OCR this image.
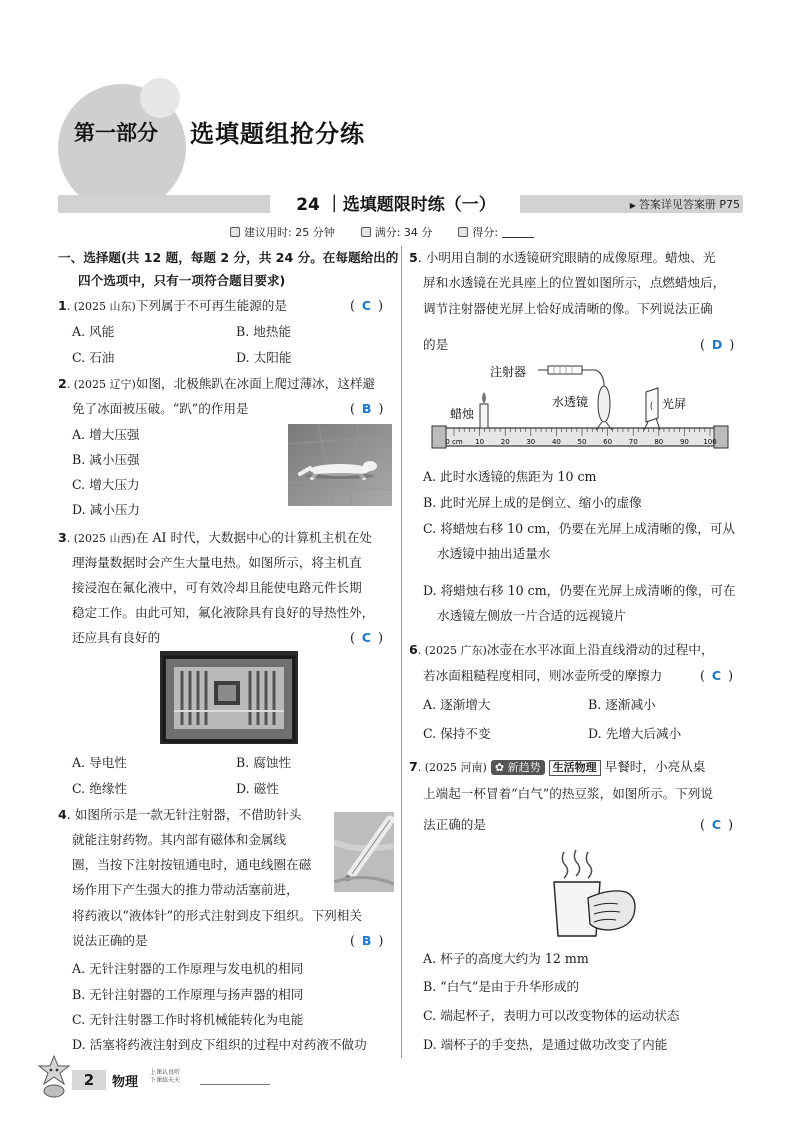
第一部分 选填题组抢分练
24 ｜选填题限时练（一）	▶ 答案详见答案册 P75
建议用时: 25 分钟	满分: 34 分	得分:
一、选择题(共 12 题，每题 2 分，共 24 分。在每题给出的
四个选项中，只有一项符合题目要求)
1. (2025 山东)下列属于不可再生能源的是	( C )
A. 风能	B. 地热能
C. 石油	D. 太阳能
2. (2025 辽宁)如图，北极熊趴在冰面上爬过薄冰，这样避
免了冰面被压破。“趴”的作用是	( B )
A. 增大压强
B. 减小压强
C. 增大压力
D. 减小压力
3. (2025 山西)在 AI 时代，大数据中心的计算机主机在处
理海量数据时会产生大量电热。如图所示，将主机直
接浸泡在氟化液中，可有效冷却且能使电路元件长期
稳定工作。由此可知，氟化液除具有良好的导热性外，
还应具有良好的	( C )
A. 导电性	B. 腐蚀性
C. 绝缘性	D. 磁性
4. 如图所示是一款无针注射器，不借助针头
就能注射药物。其内部有磁体和金属线
圈，当按下注射按钮通电时，通电线圈在磁
场作用下产生强大的推力带动活塞前进，
将药液以“液体针”的形式注射到皮下组织。下列相关
说法正确的是	( B )
A. 无针注射器的工作原理与发电机的相同
B. 无针注射器的工作原理与扬声器的相同
C. 无针注射器工作时将机械能转化为电能
D. 活塞将药液注射到皮下组织的过程中对药液不做功
5. 小明用自制的水透镜研究眼睛的成像原理。蜡烛、光
屏和水透镜在光具座上的位置如图所示，点燃蜡烛后，
调节注射器使光屏上恰好成清晰的像。下列说法正确
的是	( D )
0 cm 10 20 30 40 50 60 70 80 90 100
注射器
水透镜
蜡烛
光屏
A. 此时水透镜的焦距为 10 cm
B. 此时光屏上成的是倒立、缩小的虚像
C. 将蜡烛右移 10 cm，仍要在光屏上成清晰的像，可从
水透镜中抽出适量水
D. 将蜡烛右移 10 cm，仍要在光屏上成清晰的像，可在
水透镜左侧放一片合适的远视镜片
6. (2025 广东)冰壶在水平冰面上沿直线滑动的过程中，
若冰面粗糙程度相同，则冰壶所受的摩擦力	( C )
A. 逐渐增大	B. 逐渐减小
C. 保持不变	D. 先增大后减小
7. (2025 河南) ✿ 新趋势 生活物理 早餐时，小亮从桌
上端起一杯冒着“白气”的热豆浆，如图所示。下列说
法正确的是	( C )
A. 杯子的高度大约为 12 mm
B. “白气”是由于升华形成的
C. 端起杯子，表明力可以改变物体的运动状态
D. 端杯子的手变热，是通过做功改变了内能
2	物理
上课认真听
下课练天天
